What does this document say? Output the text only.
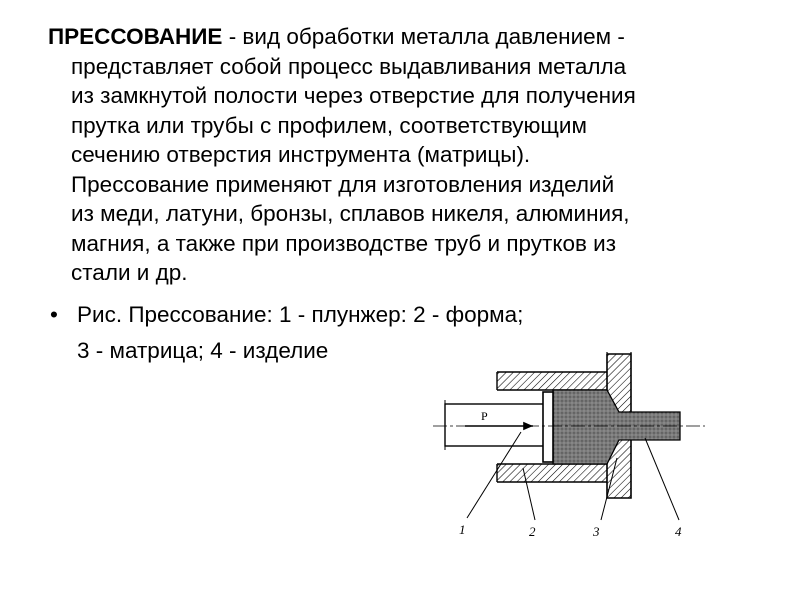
ПРЕССОВАНИЕ - вид обработки металла давлением -
представляет собой процесс выдавливания металла
из замкнутой полости через отверстие для получения
прутка или трубы с профилем, соответствующим
сечению отверстия инструмента (матрицы).
Прессование применяют для изготовления изделий
из меди, латуни, бронзы, сплавов никеля, алюминия,
магния, а также при производстве труб и прутков из
стали и др.
• Рис. Прессование: 1 - плунжер: 2 - форма;
3 - матрица; 4 - изделие
P
1	2	3	4
